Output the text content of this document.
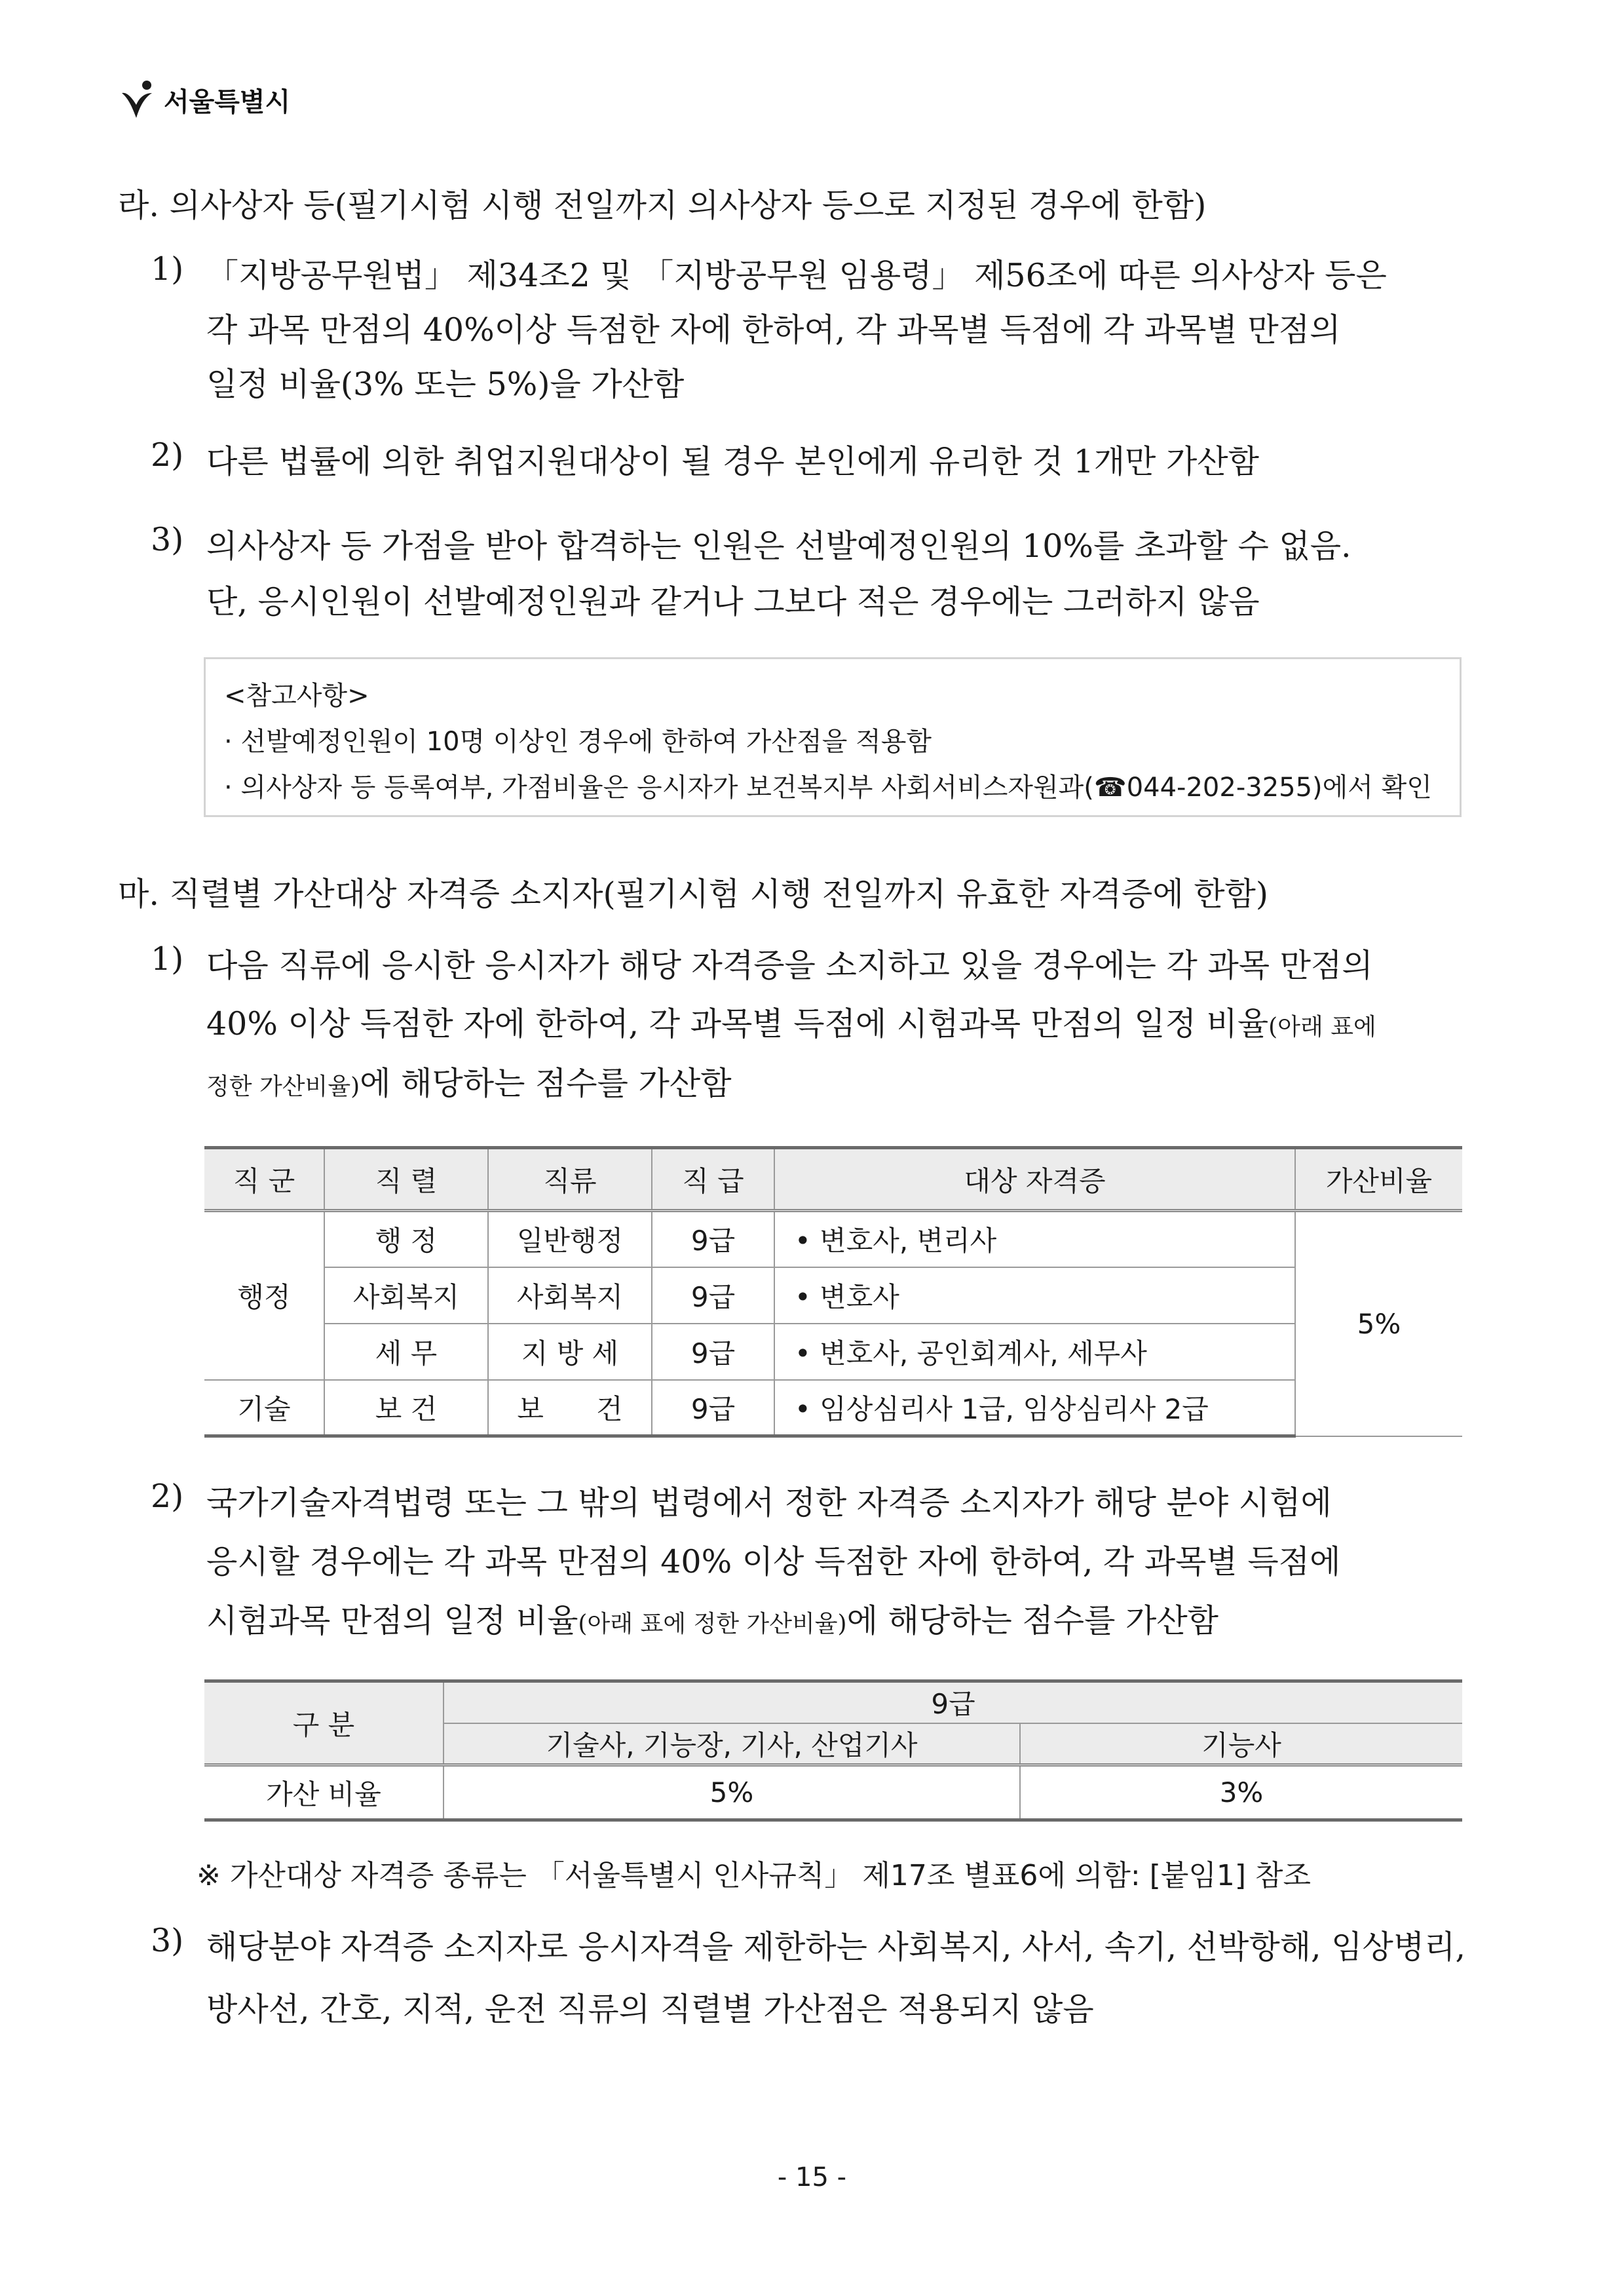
서울특별시
라. 의사상자 등(필기시험 시행 전일까지 의사상자 등으로 지정된 경우에 한함)
1) 「지방공무원법」 제34조2 및 「지방공무원 임용령」 제56조에 따른 의사상자 등은
각 과목 만점의 40%이상 득점한 자에 한하여, 각 과목별 득점에 각 과목별 만점의
일정 비율(3% 또는 5%)을 가산함
2) 다른 법률에 의한 취업지원대상이 될 경우 본인에게 유리한 것 1개만 가산함
3) 의사상자 등 가점을 받아 합격하는 인원은 선발예정인원의 10%를 초과할 수 없음.
단, 응시인원이 선발예정인원과 같거나 그보다 적은 경우에는 그러하지 않음
<참고사항>
· 선발예정인원이 10명 이상인 경우에 한하여 가산점을 적용함
· 의사상자 등 등록여부, 가점비율은 응시자가 보건복지부 사회서비스자원과(☎044-202-3255)에서 확인
마. 직렬별 가산대상 자격증 소지자(필기시험 시행 전일까지 유효한 자격증에 한함)
1) 다음 직류에 응시한 응시자가 해당 자격증을 소지하고 있을 경우에는 각 과목 만점의
40% 이상 득점한 자에 한하여, 각 과목별 득점에 시험과목 만점의 일정 비율(아래 표에
정한 가산비율)에 해당하는 점수를 가산함
직 군	직 렬	직류	직 급	대상 자격증	가산비율
행정	행 정	일반행정	9급	• 변호사, 변리사	5%
	사회복지	사회복지	9급	• 변호사	
	세 무	지 방 세	9급	• 변호사, 공인회계사, 세무사	
기술	보 건	보      건	9급	• 임상심리사 1급, 임상심리사 2급	
2) 국가기술자격법령 또는 그 밖의 법령에서 정한 자격증 소지자가 해당 분야 시험에
응시할 경우에는 각 과목 만점의 40% 이상 득점한 자에 한하여, 각 과목별 득점에
시험과목 만점의 일정 비율(아래 표에 정한 가산비율)에 해당하는 점수를 가산함
구 분	9급	
	기술사, 기능장, 기사, 산업기사	기능사
가산 비율	5%	3%
※ 가산대상 자격증 종류는 「서울특별시 인사규칙」 제17조 별표6에 의함: [붙임1] 참조
3) 해당분야 자격증 소지자로 응시자격을 제한하는 사회복지, 사서, 속기, 선박항해, 임상병리,
방사선, 간호, 지적, 운전 직류의 직렬별 가산점은 적용되지 않음
- 15 -
